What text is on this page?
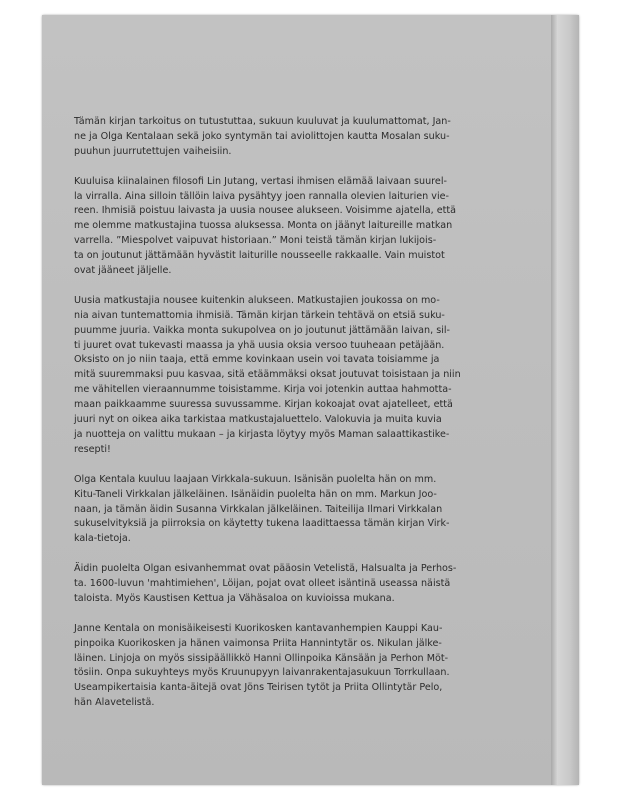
Tämän kirjan tarkoitus on tutustuttaa, sukuun kuuluvat ja kuulumattomat, Jan-
ne ja Olga Kentalaan sekä joko syntymän tai aviolittojen kautta Mosalan suku-
puuhun juurrutettujen vaiheisiin.

Kuuluisa kiinalainen filosofi Lin Jutang, vertasi ihmisen elämää laivaan suurel-
la virralla. Aina silloin tällöin laiva pysähtyy joen rannalla olevien laiturien vie-
reen. Ihmisiä poistuu laivasta ja uusia nousee alukseen. Voisimme ajatella, että
me olemme matkustajina tuossa aluksessa. Monta on jäänyt laitureille matkan
varrella. ”Miespolvet vaipuvat historiaan.” Moni teistä tämän kirjan lukijois-
ta on joutunut jättämään hyvästit laiturille nousseelle rakkaalle. Vain muistot
ovat jääneet jäljelle.

Uusia matkustajia nousee kuitenkin alukseen. Matkustajien joukossa on mo-
nia aivan tuntemattomia ihmisiä. Tämän kirjan tärkein tehtävä on etsiä suku-
puumme juuria. Vaikka monta sukupolvea on jo joutunut jättämään laivan, sil-
ti juuret ovat tukevasti maassa ja yhä uusia oksia versoo tuuheaan petäjään.
Oksisto on jo niin taaja, että emme kovinkaan usein voi tavata toisiamme ja
mitä suuremmaksi puu kasvaa, sitä etäämmäksi oksat joutuvat toisistaan ja niin
me vähitellen vieraannumme toisistamme. Kirja voi jotenkin auttaa hahmotta-
maan paikkaamme suuressa suvussamme. Kirjan kokoajat ovat ajatelleet, että
juuri nyt on oikea aika tarkistaa matkustajaluettelo. Valokuvia ja muita kuvia
ja nuotteja on valittu mukaan – ja kirjasta löytyy myös Maman salaattikastike-
resepti!

Olga Kentala kuuluu laajaan Virkkala-sukuun. Isänisän puolelta hän on mm.
Kitu-Taneli Virkkalan jälkeläinen. Isänäidin puolelta hän on mm. Markun Joo-
naan, ja tämän äidin Susanna Virkkalan jälkeläinen. Taiteilija Ilmari Virkkalan
sukuselvityksiä ja piirroksia on käytetty tukena laadittaessa tämän kirjan Virk-
kala-tietoja.

Äidin puolelta Olgan esivanhemmat ovat pääosin Vetelistä, Halsualta ja Perhos-
ta. 1600-luvun 'mahtimiehen', Löijan, pojat ovat olleet isäntinä useassa näistä
taloista. Myös Kaustisen Kettua ja Vähäsaloa on kuvioissa mukana.

Janne Kentala on monisäikeisesti Kuorikosken kantavanhempien Kauppi Kau-
pinpoika Kuorikosken ja hänen vaimonsa Priita Hannintytär os. Nikulan jälke-
läinen. Linjoja on myös sissipäällikkö Hanni Ollinpoika Känsään ja Perhon Möt-
tösiin. Onpa sukuyhteys myös Kruunupyyn laivanrakentajasukuun Torrkullaan.
Useampikertaisia kanta-äitejä ovat Jöns Teirisen tytöt ja Priita Ollintytär Pelo,
hän Alavetelistä.
